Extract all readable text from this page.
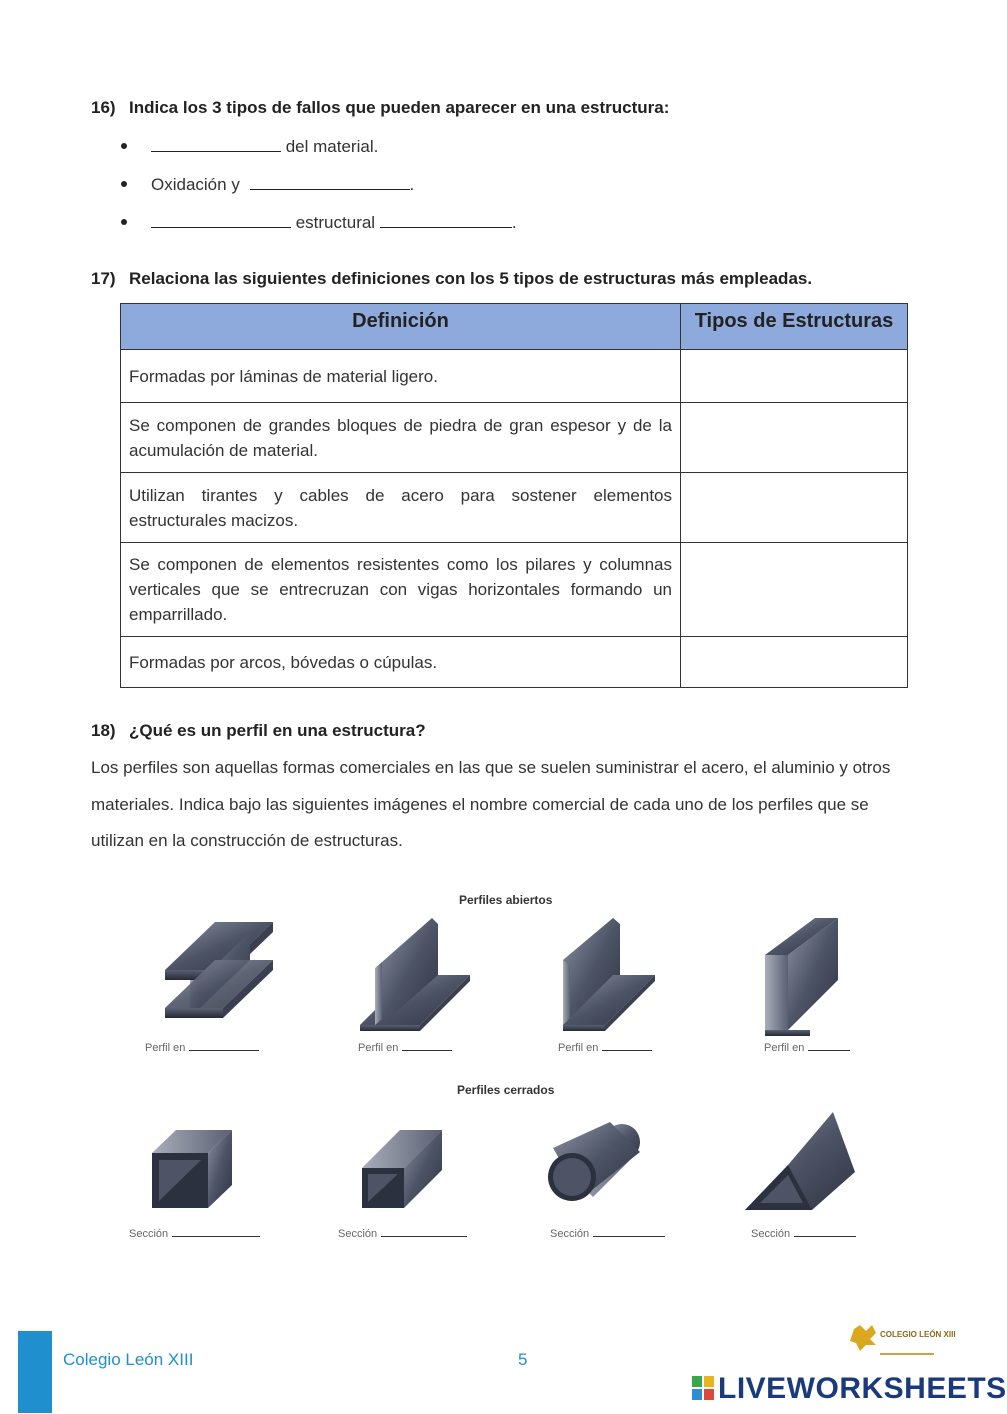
16) Indica los 3 tipos de fallos que pueden aparecer en una estructura:
del material.
Oxidación y	.
estructural	.
17) Relaciona las siguientes definiciones con los 5 tipos de estructuras más empleadas.
Definición	Tipos de Estructuras

Formadas por láminas de material ligero.	

Se componen de grandes bloques de piedra de gran espesor y de la acumulación de material.	

Utilizan tirantes y cables de acero para sostener elementos estructurales macizos.	

Se componen de elementos resistentes como los pilares y columnas verticales que se entrecruzan con vigas horizontales formando un emparrillado.	

Formadas por arcos, bóvedas o cúpulas.	
18) ¿Qué es un perfil en una estructura?
Los perfiles son aquellas formas comerciales en las que se suelen suministrar el acero, el aluminio y otros materiales. Indica bajo las siguientes imágenes el nombre comercial de cada uno de los perfiles que se utilizan en la construcción de estructuras.
Perfiles abiertos
Perfiles cerrados
Perfil en	Perfil en	Perfil en	Perfil en
Sección	Sección	Sección	Sección
Colegio León XIII	5
COLEGIO LEÓN XIII
LIVEWORKSHEETS
